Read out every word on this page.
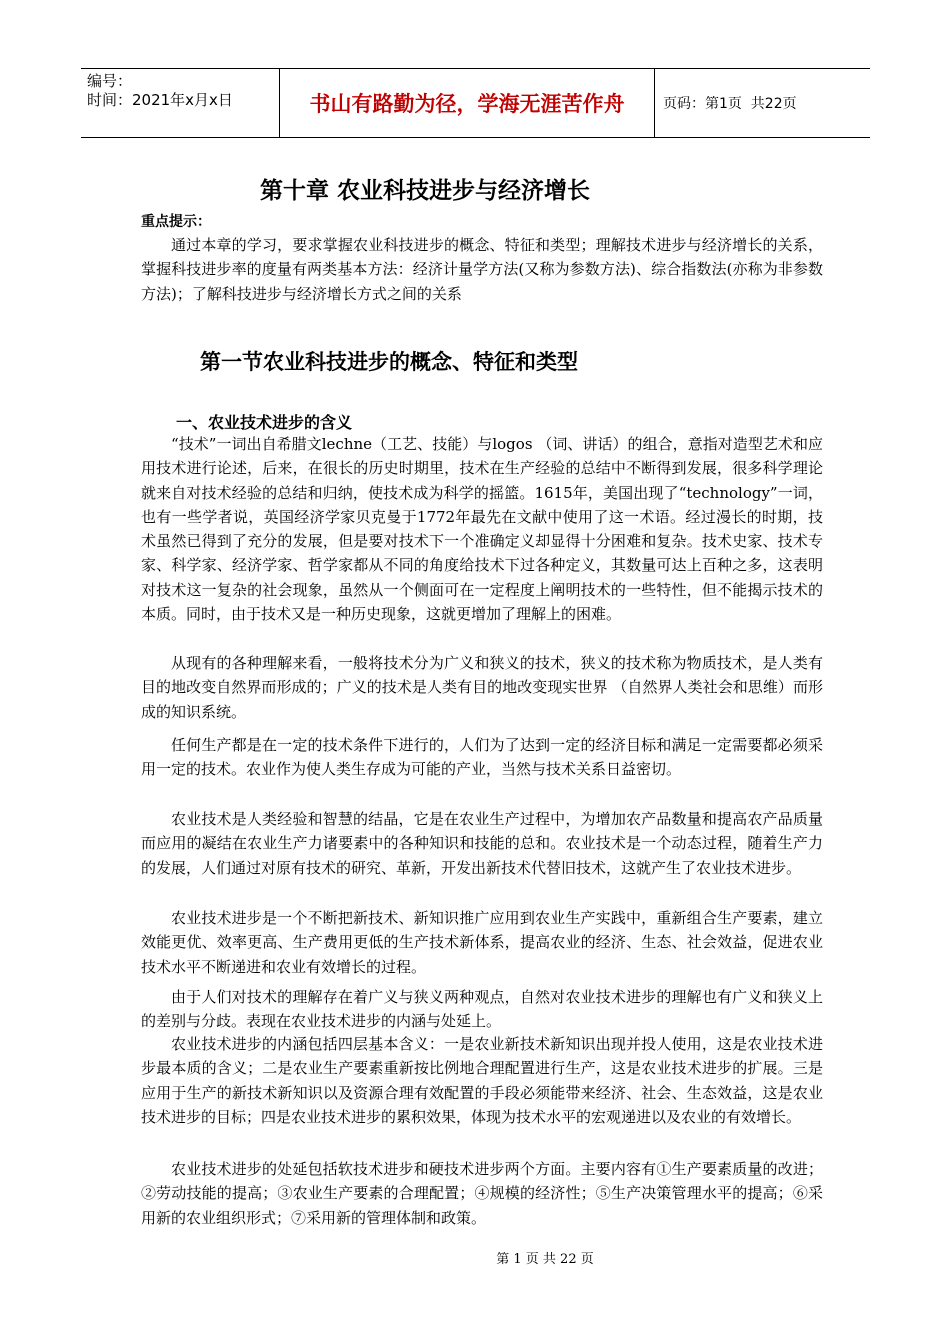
编号：
时间：2021年x月x日	书山有路勤为径，学海无涯苦作舟	页码：第1页  共22页
第十章 农业科技进步与经济增长
重点提示：

通过本章的学习，要求掌握农业科技进步的概念、特征和类型；理解技术进步与经济增长的关系，掌握科技进步率的度量有两类基本方法：经济计量学方法(又称为参数方法)、综合指数法(亦称为非参数方法)；了解科技进步与经济增长方式之间的关系

第一节农业科技进步的概念、特征和类型
一、农业技术进步的含义

“技术”一词出自希腊文lechne（工艺、技能）与logos （词、讲话）的组合，意指对造型艺术和应用技术进行论述，后来，在很长的历史时期里，技术在生产经验的总结中不断得到发展，很多科学理论就来自对技术经验的总结和归纳，使技术成为科学的摇篮。1615年，美国出现了“technology”一词，也有一些学者说，英国经济学家贝克曼于1772年最先在文献中使用了这一术语。经过漫长的时期，技术虽然已得到了充分的发展，但是要对技术下一个准确定义却显得十分困难和复杂。技术史家、技术专家、科学家、经济学家、哲学家都从不同的角度给技术下过各种定义，其数量可达上百种之多，这表明对技术这一复杂的社会现象，虽然从一个侧面可在一定程度上阐明技术的一些特性，但不能揭示技术的本质。同时，由于技术又是一种历史现象，这就更增加了理解上的困难。

从现有的各种理解来看，一般将技术分为广义和狭义的技术，狭义的技术称为物质技术，是人类有目的地改变自然界而形成的；广义的技术是人类有目的地改变现实世界 （自然界人类社会和思维）而形成的知识系统。

任何生产都是在一定的技术条件下进行的，人们为了达到一定的经济目标和满足一定需要都必须采用一定的技术。农业作为使人类生存成为可能的产业，当然与技术关系日益密切。

农业技术是人类经验和智慧的结晶，它是在农业生产过程中，为增加农产品数量和提高农产品质量而应用的凝结在农业生产力诸要素中的各种知识和技能的总和。农业技术是一个动态过程，随着生产力的发展，人们通过对原有技术的研究、革新，开发出新技术代替旧技术，这就产生了农业技术进步。

农业技术进步是一个不断把新技术、新知识推广应用到农业生产实践中，重新组合生产要素，建立效能更优、效率更高、生产费用更低的生产技术新体系，提高农业的经济、生态、社会效益，促进农业技术水平不断递进和农业有效增长的过程。

由于人们对技术的理解存在着广义与狭义两种观点，自然对农业技术进步的理解也有广义和狭义上的差别与分歧。表现在农业技术进步的内涵与处延上。

农业技术进步的内涵包括四层基本含义：一是农业新技术新知识出现并投人使用，这是农业技术进步最本质的含义；二是农业生产要素重新按比例地合理配置进行生产，这是农业技术进步的扩展。三是应用于生产的新技术新知识以及资源合理有效配置的手段必须能带来经济、社会、生态效益，这是农业技术进步的目标；四是农业技术进步的累积效果，体现为技术水平的宏观递进以及农业的有效增长。

农业技术进步的处延包括软技术进步和硬技术进步两个方面。主要内容有①生产要素质量的改进；②劳动技能的提高；③农业生产要素的合理配置；④规模的经济性；⑤生产决策管理水平的提高；⑥采用新的农业组织形式；⑦采用新的管理体制和政策。

第 1 页 共 22 页
